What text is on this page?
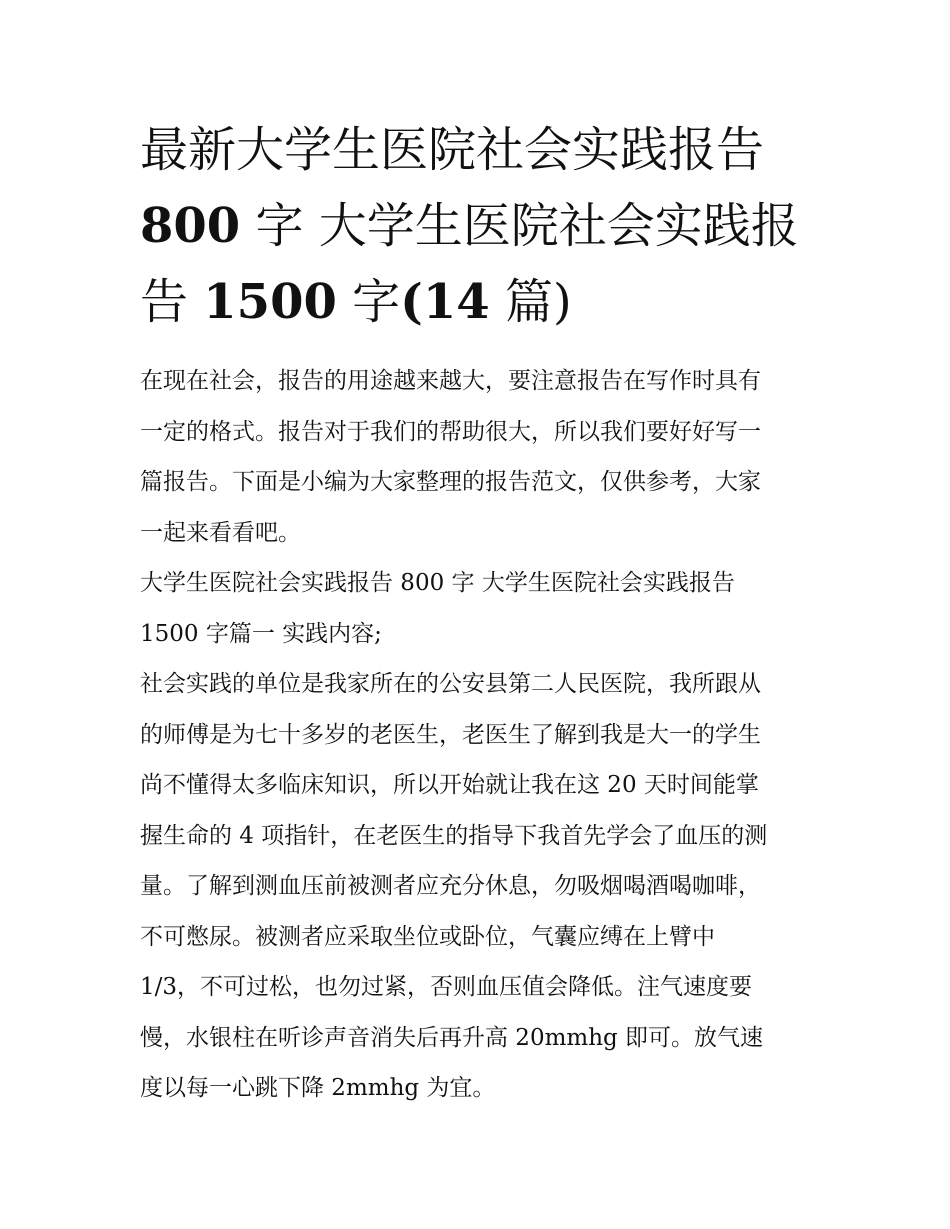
最新大学生医院社会实践报告
800 字 大学生医院社会实践报
告 1500 字(14 篇)
在现在社会，报告的用途越来越大，要注意报告在写作时具有
一定的格式。报告对于我们的帮助很大，所以我们要好好写一
篇报告。下面是小编为大家整理的报告范文，仅供参考，大家
一起来看看吧。
大学生医院社会实践报告 800 字 大学生医院社会实践报告
1500 字篇一 实践内容;
社会实践的单位是我家所在的公安县第二人民医院，我所跟从
的师傅是为七十多岁的老医生，老医生了解到我是大一的学生
尚不懂得太多临床知识，所以开始就让我在这 20 天时间能掌
握生命的 4 项指针，在老医生的指导下我首先学会了血压的测
量。了解到测血压前被测者应充分休息，勿吸烟喝酒喝咖啡，
不可憋尿。被测者应采取坐位或卧位，气囊应缚在上臂中
1/3，不可过松，也勿过紧，否则血压值会降低。注气速度要
慢，水银柱在听诊声音消失后再升高 20mmhg 即可。放气速
度以每一心跳下降 2mmhg 为宜。
